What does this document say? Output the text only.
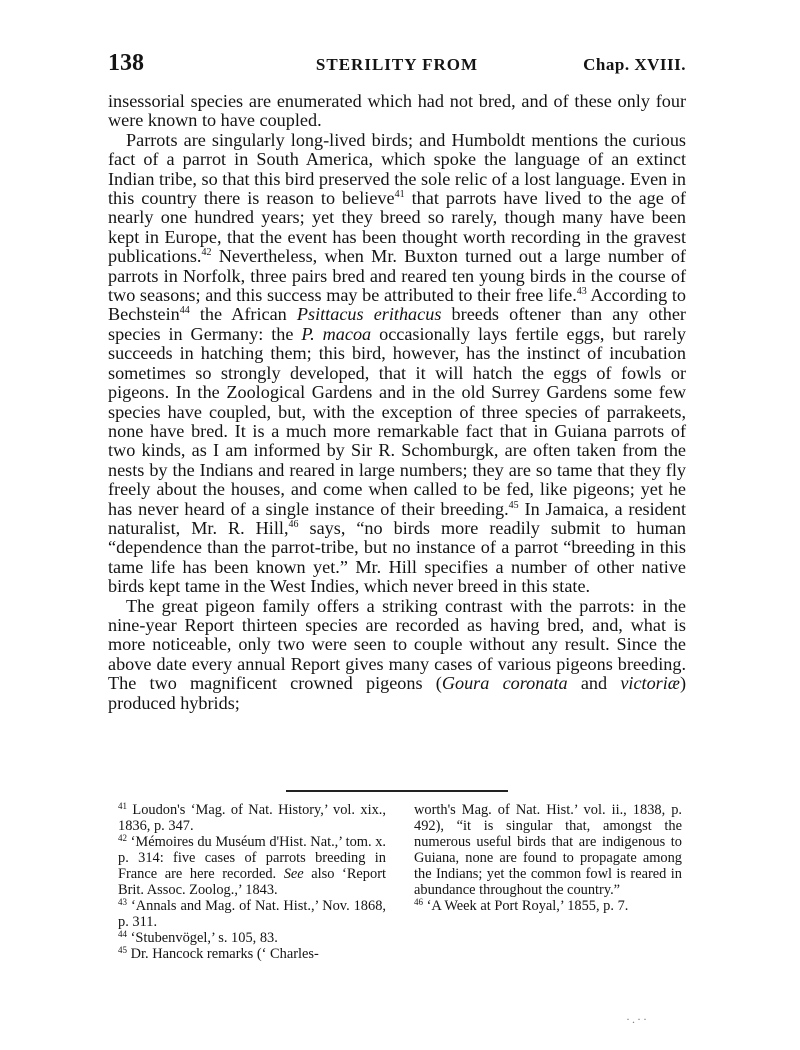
138	STERILITY FROM	Chap. XVIII.

insessorial species are enumerated which had not bred, and of these only four were known to have coupled.

Parrots are singularly long-lived birds; and Humboldt mentions the curious fact of a parrot in South America, which spoke the language of an extinct Indian tribe, so that this bird preserved the sole relic of a lost language. Even in this country there is reason to believe$^{41}$ that parrots have lived to the age of nearly one hundred years; yet they breed so rarely, though many have been kept in Europe, that the event has been thought worth recording in the gravest publications.$^{42}$ Nevertheless, when Mr. Buxton turned out a large number of parrots in Norfolk, three pairs bred and reared ten young birds in the course of two seasons; and this success may be attributed to their free life.$^{43}$ According to Bechstein$^{44}$ the African Psittacus erithacus breeds oftener than any other species in Germany: the P. macoa occasionally lays fertile eggs, but rarely succeeds in hatching them; this bird, however, has the instinct of incubation sometimes so strongly developed, that it will hatch the eggs of fowls or pigeons. In the Zoological Gardens and in the old Surrey Gardens some few species have coupled, but, with the exception of three species of parrakeets, none have bred. It is a much more remarkable fact that in Guiana parrots of two kinds, as I am informed by Sir R. Schomburgk, are often taken from the nests by the Indians and reared in large numbers; they are so tame that they fly freely about the houses, and come when called to be fed, like pigeons; yet he has never heard of a single instance of their breeding.$^{45}$ In Jamaica, a resident naturalist, Mr. R. Hill,$^{46}$ says, “no birds more readily submit to human “dependence than the parrot-tribe, but no instance of a parrot “breeding in this tame life has been known yet.” Mr. Hill specifies a number of other native birds kept tame in the West Indies, which never breed in this state.

The great pigeon family offers a striking contrast with the parrots: in the nine-year Report thirteen species are recorded as having bred, and, what is more noticeable, only two were seen to couple without any result. Since the above date every annual Report gives many cases of various pigeons breeding. The two magnificent crowned pigeons (Goura coronata and victoriæ) produced hybrids;

$^{41}$ Loudon's ‘Mag. of Nat. History,’ vol. xix., 1836, p. 347.

$^{42}$ ‘Mémoires du Muséum d'Hist. Nat.,’ tom. x. p. 314: five cases of parrots breeding in France are here recorded. See also ‘Report Brit. Assoc. Zoolog.,’ 1843.

$^{43}$ ‘Annals and Mag. of Nat. Hist.,’ Nov. 1868, p. 311.

$^{44}$ ‘Stubenvögel,’ s. 105, 83.

$^{45}$ Dr. Hancock remarks (‘ Charles-

worth's Mag. of Nat. Hist.’ vol. ii., 1838, p. 492), “it is singular that, amongst the numerous useful birds that are indigenous to Guiana, none are found to propagate among the Indians; yet the common fowl is reared in abundance throughout the country.”

$^{46}$ ‘A Week at Port Royal,’ 1855, p. 7.

·.··
